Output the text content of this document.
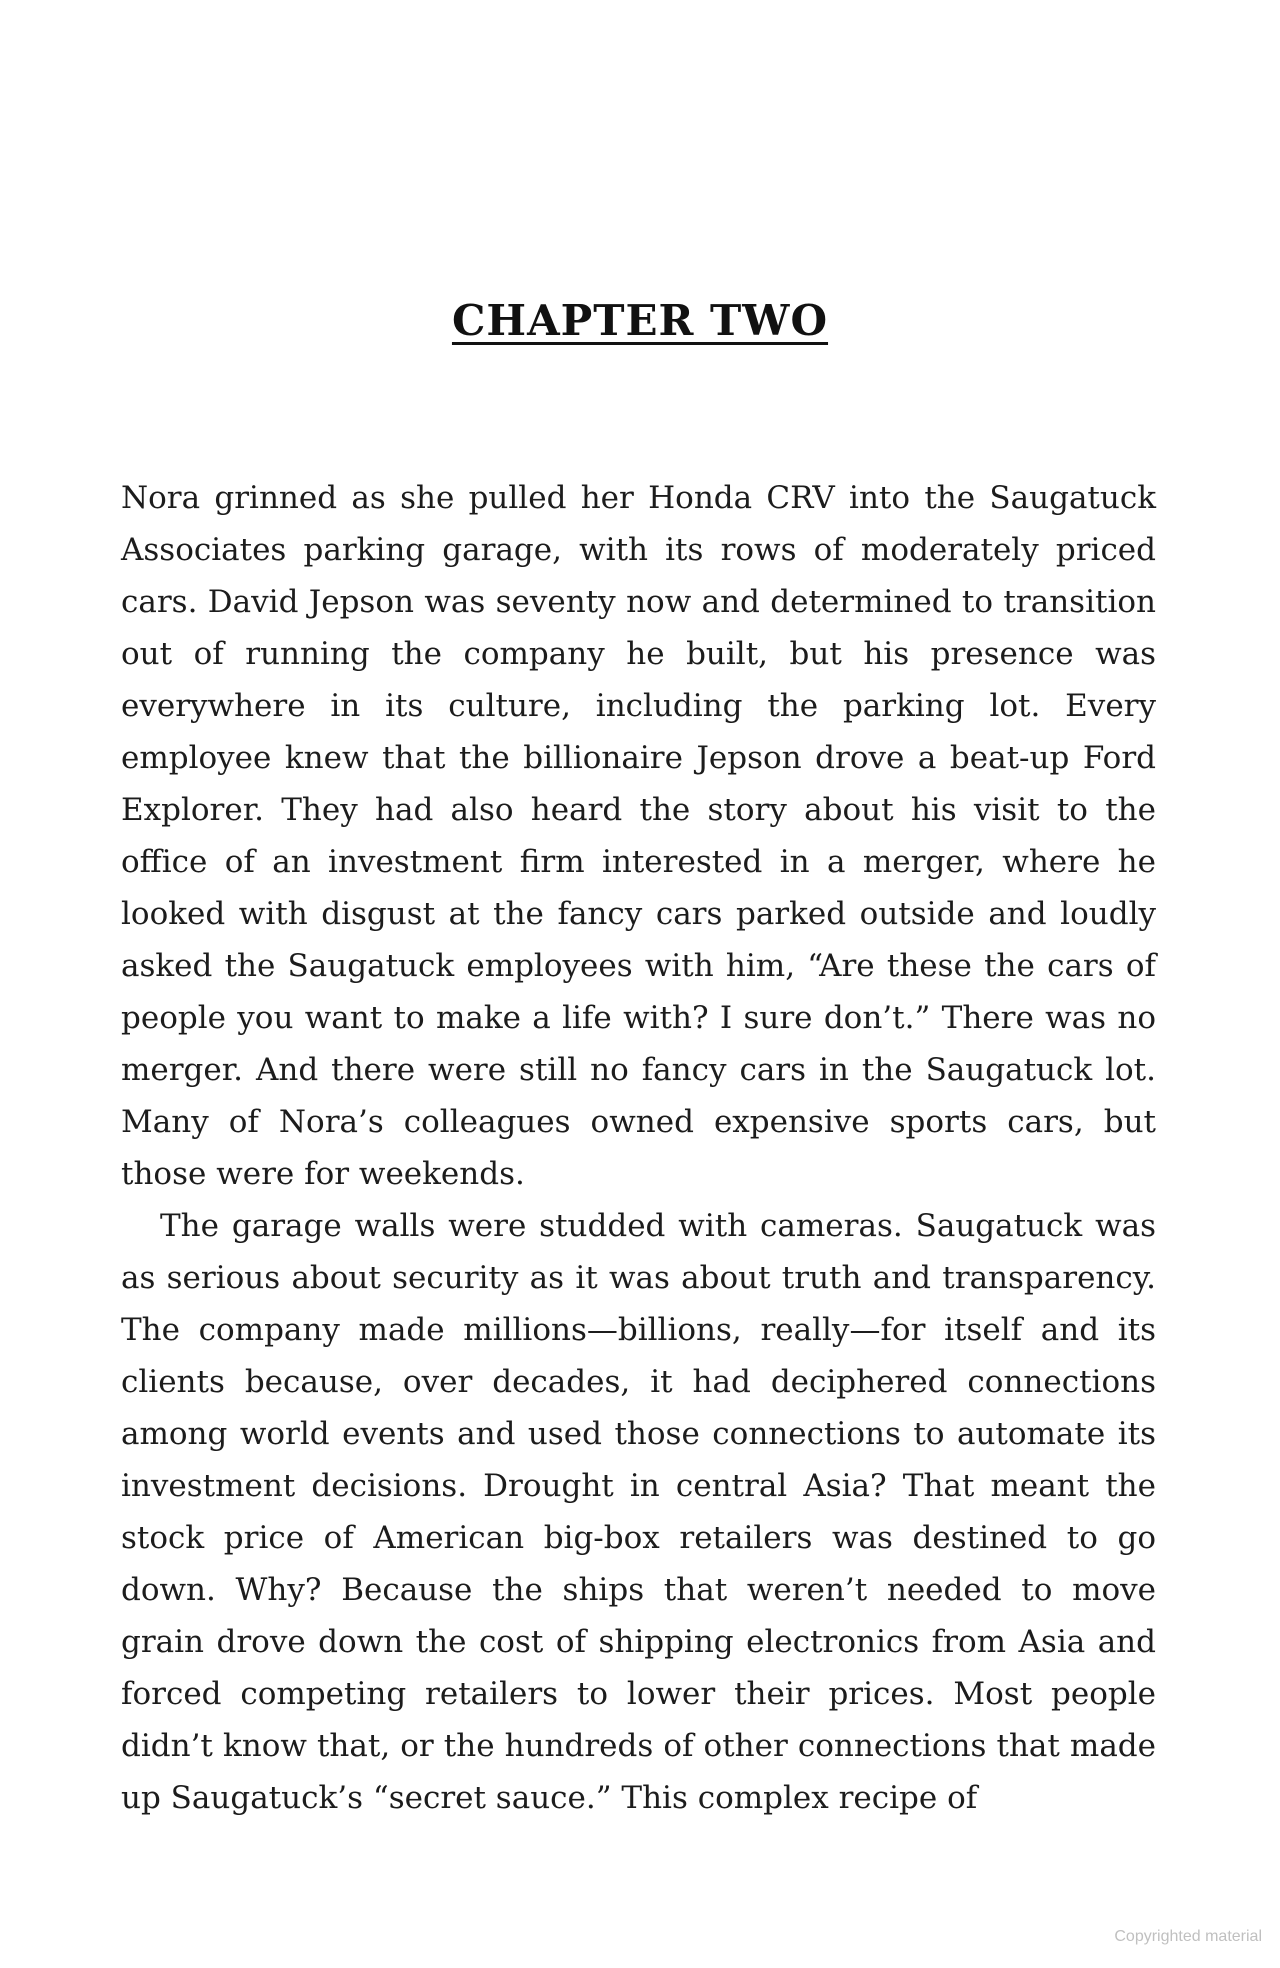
CHAPTER TWO

Nora grinned as she pulled her Honda CRV into the Saugatuck Associates parking garage, with its rows of moderately priced cars. David Jepson was seventy now and determined to transition out of running the company he built, but his presence was everywhere in its culture, including the parking lot. Every employee knew that the billionaire Jepson drove a beat-up Ford Explorer. They had also heard the story about his visit to the office of an investment firm interested in a merger, where he looked with disgust at the fancy cars parked outside and loudly asked the Saugatuck employees with him, “Are these the cars of people you want to make a life with? I sure don’t.” There was no merger. And there were still no fancy cars in the Saugatuck lot. Many of Nora’s colleagues owned expensive sports cars, but those were for weekends.

The garage walls were studded with cameras. Saugatuck was as serious about security as it was about truth and transparency. The company made millions—billions, really—for itself and its clients because, over decades, it had deciphered connections among world events and used those connections to automate its investment decisions. Drought in central Asia? That meant the stock price of American big-box retailers was destined to go down. Why? Because the ships that weren’t needed to move grain drove down the cost of shipping electronics from Asia and forced competing retailers to lower their prices. Most people didn’t know that, or the hundreds of other connections that made up Saugatuck’s “secret sauce.” This complex recipe of

Copyrighted material
